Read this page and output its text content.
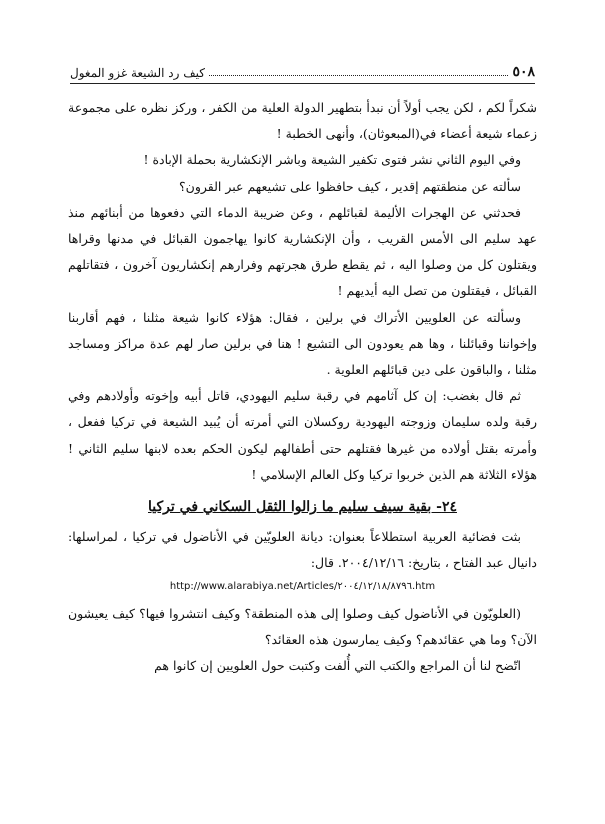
٥٠٨
كيف رد الشيعة غزو المغول

شكراً لكم ، لكن يجب أولاً أن نبدأ بتطهير الدولة العلية من الكفر ، وركز نظره على مجموعة زعماء شيعة أعضاء في(المبعوثان)، وأنهى الخطبة !

وفي اليوم الثاني نشر فتوى تكفير الشيعة وباشر الإنكشارية بحملة الإبادة !

سألته عن منطقتهم إقدير ، كيف حافظوا على تشيعهم عبر القرون؟

فحدثني عن الهجرات الأليمة لقبائلهم ، وعن ضريبة الدماء التي دفعوها من أبنائهم منذ عهد سليم الى الأمس القريب ، وأن الإنكشارية كانوا يهاجمون القبائل في مدنها وقراها ويقتلون كل من وصلوا اليه ، ثم يقطع طرق هجرتهم وفرارهم إنكشاريون آخرون ، فتقاتلهم القبائل ، فيقتلون من تصل اليه أيديهم !

وسألته عن العلويين الأتراك في برلين ، فقال: هؤلاء كانوا شيعة مثلنا ، فهم أقاربنا وإخواننا وقبائلنا ، وها هم يعودون الى التشيع ! هنا في برلين صار لهم عدة مراكز ومساجد مثلنا ، والباقون على دين قبائلهم العلوية .

ثم قال بغضب: إن كل آثامهم في رقبة سليم اليهودي، قاتل أبيه وإخوته وأولادهم وفي رقبة ولده سليمان وزوجته اليهودية روكسلان التي أمرته أن يُبيد الشيعة في تركيا ففعل ، وأمرته بقتل أولاده من غيرها فقتلهم حتى أطفالهم ليكون الحكم بعده لابنها سليم الثاني ! هؤلاء الثلاثة هم الذين خربوا تركيا وكل العالم الإسلامي !

٢٤- بقية سيف سليم ما زالوا الثقل السكاني في تركيا

بثت فضائية العربية استطلاعاً بعنوان: ديانة العلويّين في الأناضول في تركيا ، لمراسلها: دانيال عبد الفتاح ، بتاريخ: ٢٠٠٤/١٢/١٦. قال:

http://www.alarabiya.net/Articles/٢٠٠٤/١٢/١٨/٨٧٩٦.htm

(العلويّون في الأناضول كيف وصلوا إلى هذه المنطقة؟ وكيف انتشروا فيها؟ كيف يعيشون الآن؟ وما هي عقائدهم؟ وكيف يمارسون هذه العقائد؟

اتّضح لنا أن المراجع والكتب التي أُلفت وكتبت حول العلويين إن كانوا هم
